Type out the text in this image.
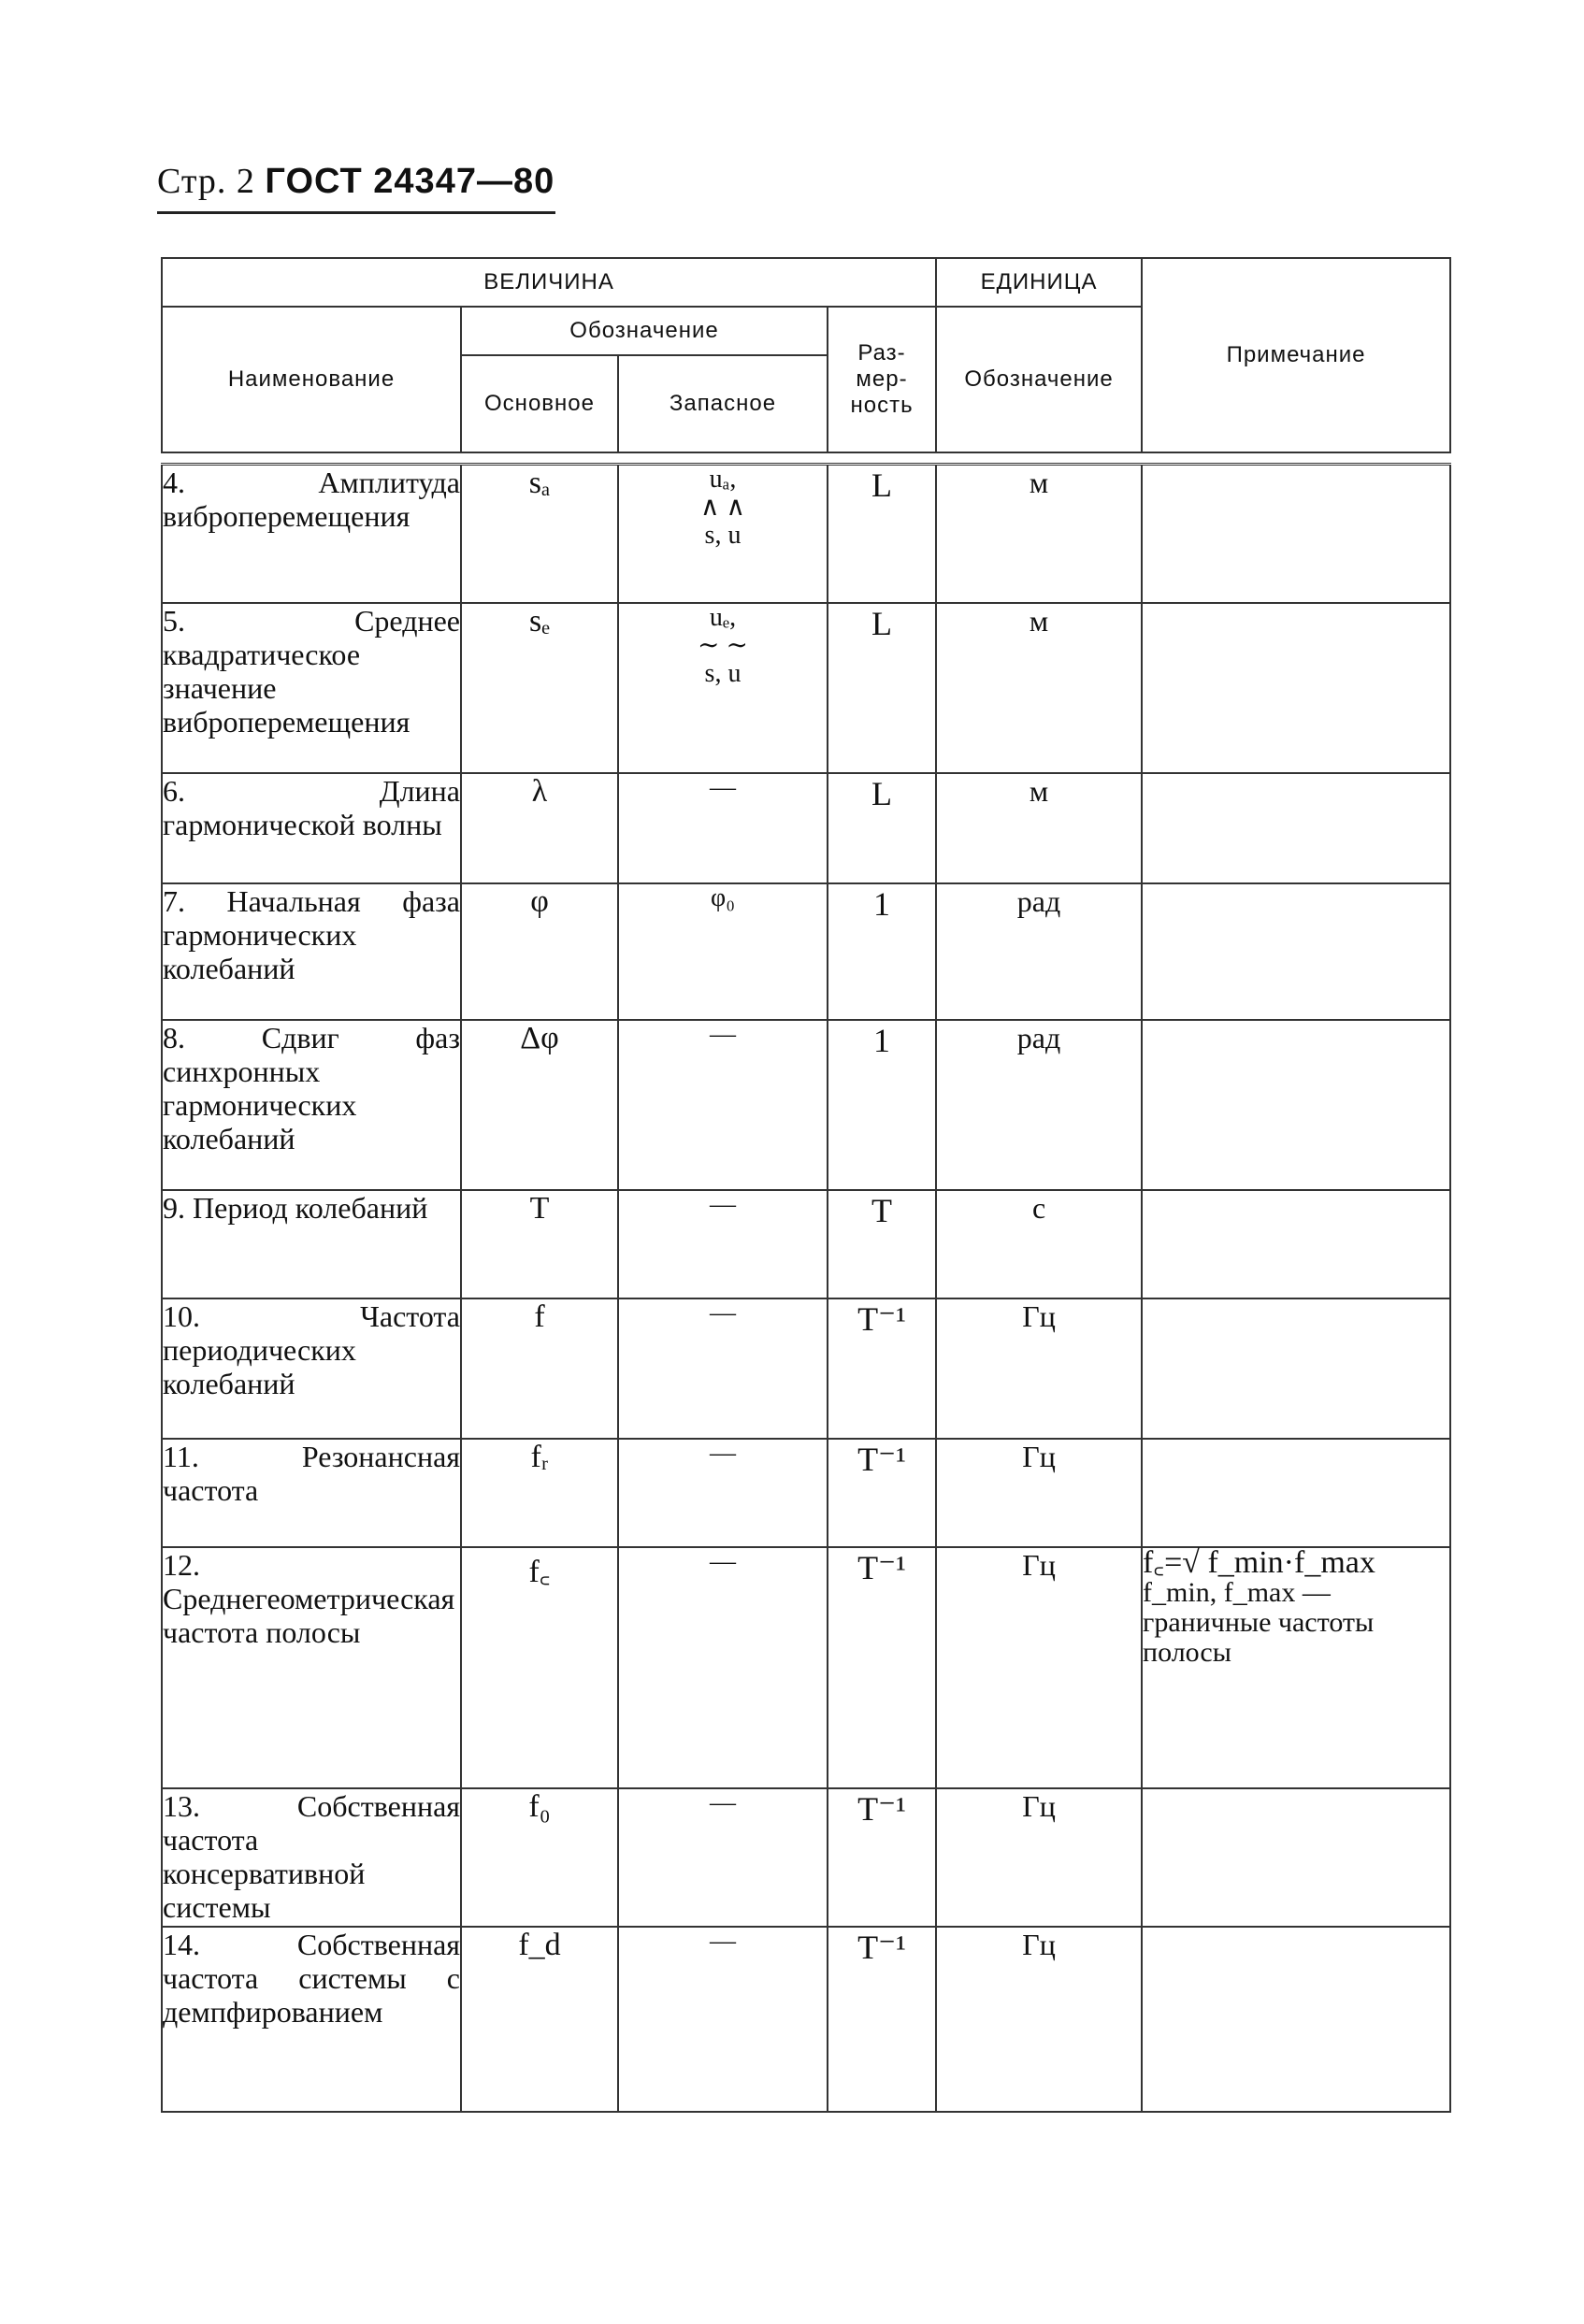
Стр. 2 ГОСТ 24347—80
ВЕЛИЧИНА				ЕДИНИЦА	Примечание
Наименование	Обозначение		Раз-
мер-
ность	Обозначение	
	Основное	Запасное			

4. Амплитуда виброперемещения	sₐ	uₐ,
∧ ∧
s, u	L	м	
5. Среднее квадратическое значение виброперемещения	sₑ	uₑ,
∼ ∼
s, u	L	м	
6. Длина гармонической волны	λ	—	L	м	
7. Начальная фаза гармонических колебаний	φ	φ₀	1	рад	
8. Сдвиг фаз синхронных гармонических колебаний	Δφ	—	1	рад	
9. Период колебаний	T	—	T	с	
10. Частота периодических колебаний	f	—	T⁻¹	Гц	
11. Резонансная частота	fᵣ	—	T⁻¹	Гц	
12. Среднегеометрическая частота полосы	f꜀	—	T⁻¹	Гц	f꜀=√ f_min·f_max
f_min, f_max — граничные частоты полосы

13. Собственная частота консервативной системы	f₀	—	T⁻¹	Гц	
14. Собственная частота системы с демпфированием	f_d	—	T⁻¹	Гц	
